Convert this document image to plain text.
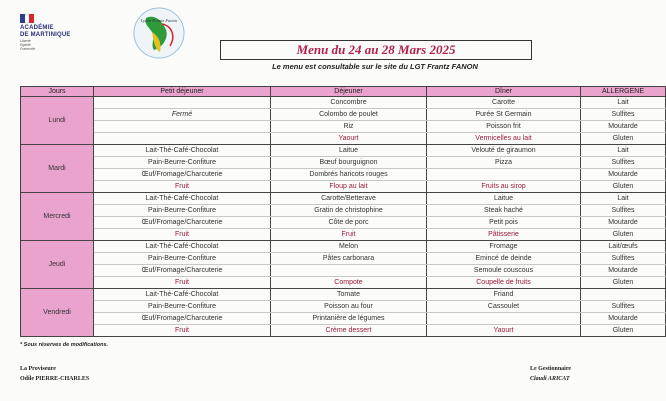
ACADÉMIE
DE MARTINIQUE
Liberté
Égalité
Fraternité
Lycée Frantz Fanon
Menu du 24 au 28 Mars 2025
Le menu est consultable sur le site du LGT Frantz FANON
Jours	Petit déjeuner	Déjeuner	Dîner	ALLERGENE
Lundi		Concombre	Carotte	Lait
	Fermé	Colombo de poulet	Purée St Germain	Sulfites
		Riz	Poisson frit	Moutarde
		Yaourt	Vermicelles au lait	Gluten
Mardi	Lait-Thé-Café-Chocolat	Laitue	Velouté de giraumon	Lait
	Pain-Beurre-Confiture	Bœuf bourguignon	Pizza	Sulfites
	Œuf/Fromage/Charcuterie	Dombrés haricots rouges		Moutarde
	Fruit	Floup au lait	Fruits au sirop	Gluten
Mercredi	Lait-Thé-Café-Chocolat	Carotte/Betterave	Laitue	Lait
	Pain-Beurre-Confiture	Gratin de christophine	Steak haché	Sulfites
	Œuf/Fromage/Charcuterie	Côte de porc	Petit pois	Moutarde
	Fruit	Fruit	Pâtisserie	Gluten
Jeudi	Lait-Thé-Café-Chocolat	Melon	Fromage	Lait/œufs
	Pain-Beurre-Confiture	Pâtes carbonara	Emincé de deinde	Sulfites
	Œuf/Fromage/Charcuterie		Semoule couscous	Moutarde
	Fruit	Compote	Coupelle de fruits	Gluten
Vendredi	Lait-Thé-Café-Chocolat	Tomate	Friand	
	Pain-Beurre-Confiture	Poisson au four	Cassoulet	Sulfites
	Œuf/Fromage/Charcuterie	Printanière de légumes		Moutarde
	Fruit	Crème dessert	Yaourt	Gluten
* Sous réserves de modifications.
La Proviseure
Odile PIERRE-CHARLES
Le Gestionnaire
Claudi ARICAT
